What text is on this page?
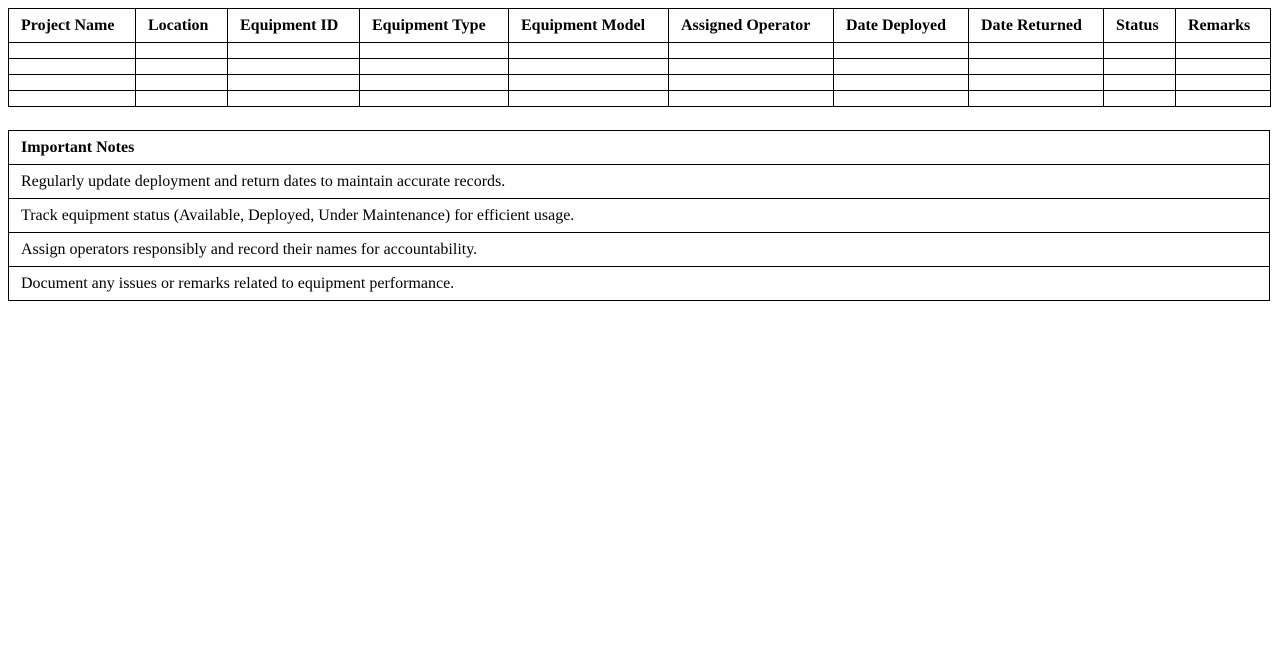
Project Name	Location	Equipment ID	Equipment Type	Equipment Model	Assigned Operator	Date Deployed	Date Returned	Status	Remarks

Important Notes
Regularly update deployment and return dates to maintain accurate records.
Track equipment status (Available, Deployed, Under Maintenance) for efficient usage.
Assign operators responsibly and record their names for accountability.
Document any issues or remarks related to equipment performance.
